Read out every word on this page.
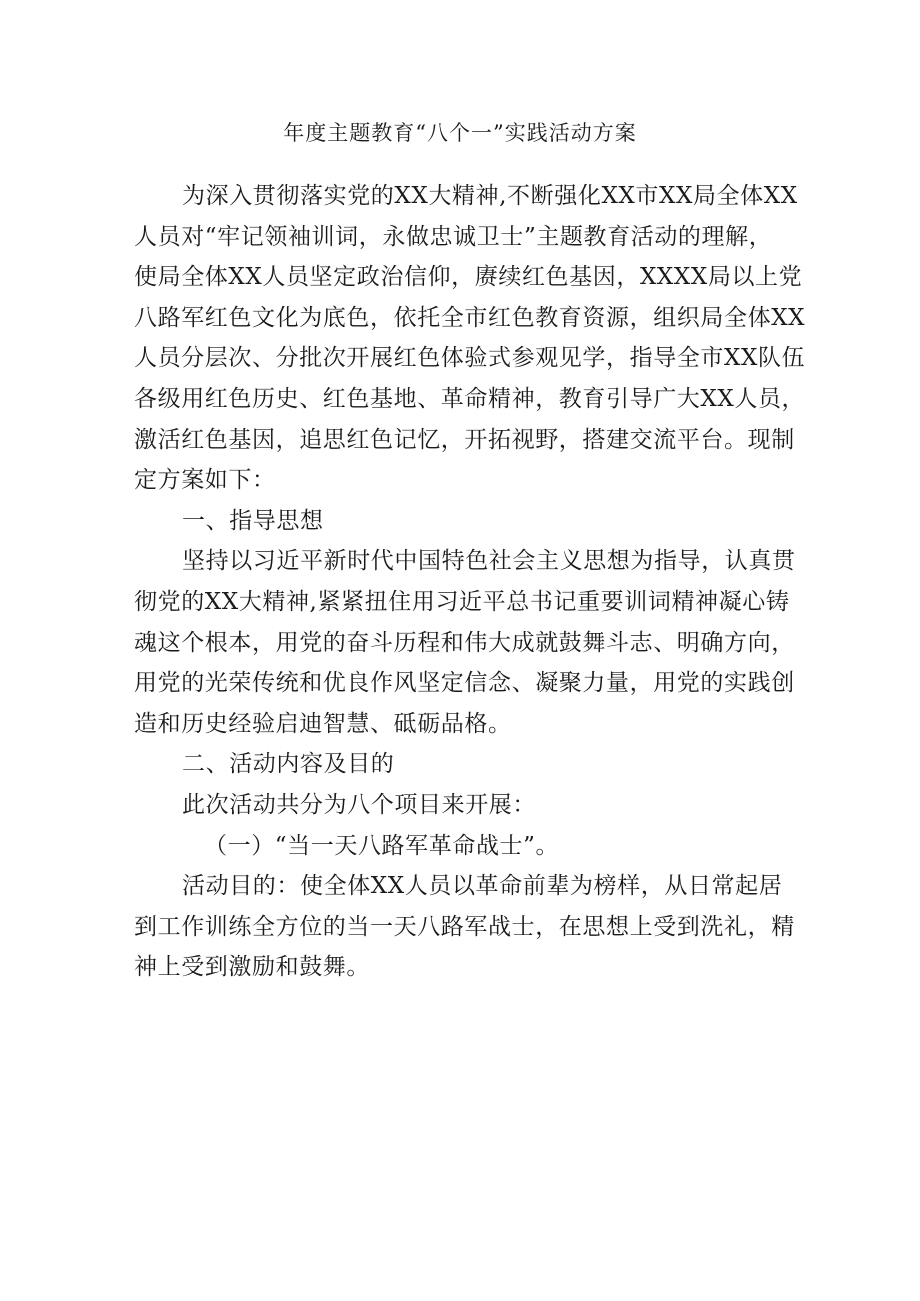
年度主题教育“八个一”实践活动方案
为深入贯彻落实党的XX大精神,不断强化XX市XX局全体XX
人员对“牢记领袖训词，永做忠诚卫士”主题教育活动的理解，
使局全体XX人员坚定政治信仰，赓续红色基因，XXXX局以上党
八路军红色文化为底色，依托全市红色教育资源，组织局全体XX
人员分层次、分批次开展红色体验式参观见学，指导全市XX队伍
各级用红色历史、红色基地、革命精神，教育引导广大XX人员，
激活红色基因，追思红色记忆，开拓视野，搭建交流平台。现制
定方案如下：
一、指导思想
坚持以习近平新时代中国特色社会主义思想为指导，认真贯
彻党的XX大精神,紧紧扭住用习近平总书记重要训词精神凝心铸
魂这个根本，用党的奋斗历程和伟大成就鼓舞斗志、明确方向，
用党的光荣传统和优良作风坚定信念、凝聚力量，用党的实践创
造和历史经验启迪智慧、砥砺品格。
二、活动内容及目的
此次活动共分为八个项目来开展：
（一）“当一天八路军革命战士”。
活动目的：使全体XX人员以革命前辈为榜样，从日常起居
到工作训练全方位的当一天八路军战士，在思想上受到洗礼，精
神上受到激励和鼓舞。
